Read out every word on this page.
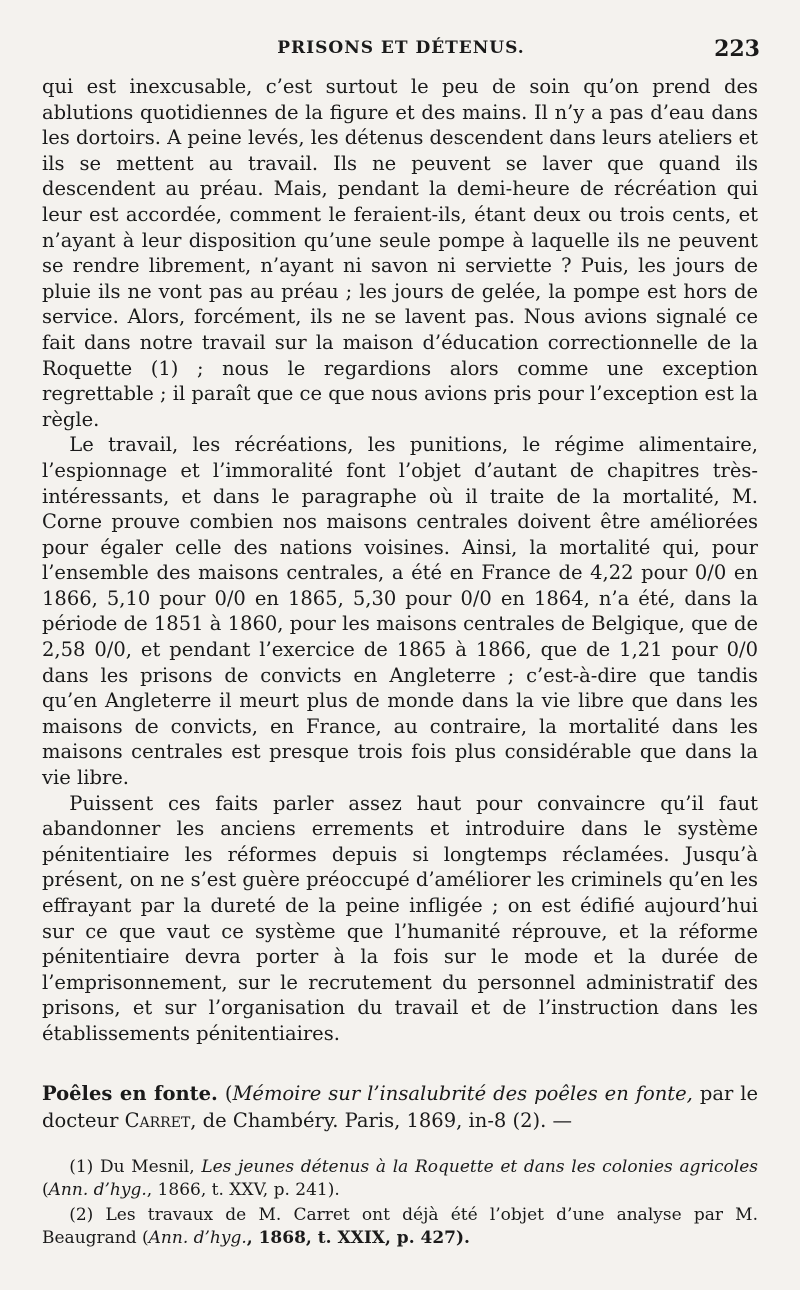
PRISONS ET DÉTENUS.	223

qui est inexcusable, c’est surtout le peu de soin qu’on prend des ablutions quotidiennes de la figure et des mains. Il n’y a pas d’eau dans les dortoirs. A peine levés, les détenus descendent dans leurs ateliers et ils se mettent au travail. Ils ne peuvent se laver que quand ils descendent au préau. Mais, pendant la demi-heure de récréation qui leur est accordée, comment le feraient-ils, étant deux ou trois cents, et n’ayant à leur disposition qu’une seule pompe à laquelle ils ne peuvent se rendre librement, n’ayant ni savon ni serviette ? Puis, les jours de pluie ils ne vont pas au préau ; les jours de gelée, la pompe est hors de service. Alors, forcément, ils ne se lavent pas. Nous avions signalé ce fait dans notre travail sur la maison d’éducation correctionnelle de la Roquette (1) ; nous le regardions alors comme une exception regrettable ; il paraît que ce que nous avions pris pour l’exception est la règle.

Le travail, les récréations, les punitions, le régime alimentaire, l’espionnage et l’immoralité font l’objet d’autant de chapitres très-intéressants, et dans le paragraphe où il traite de la mortalité, M. Corne prouve combien nos maisons centrales doivent être améliorées pour égaler celle des nations voisines. Ainsi, la mortalité qui, pour l’ensemble des maisons centrales, a été en France de 4,22 pour 0/0 en 1866, 5,10 pour 0/0 en 1865, 5,30 pour 0/0 en 1864, n’a été, dans la période de 1851 à 1860, pour les maisons centrales de Belgique, que de 2,58 0/0, et pendant l’exercice de 1865 à 1866, que de 1,21 pour 0/0 dans les prisons de convicts en Angleterre ; c’est-à-dire que tandis qu’en Angleterre il meurt plus de monde dans la vie libre que dans les maisons de convicts, en France, au contraire, la mortalité dans les maisons centrales est presque trois fois plus considérable que dans la vie libre.

Puissent ces faits parler assez haut pour convaincre qu’il faut abandonner les anciens errements et introduire dans le système pénitentiaire les réformes depuis si longtemps réclamées. Jusqu’à présent, on ne s’est guère préoccupé d’améliorer les criminels qu’en les effrayant par la dureté de la peine infligée ; on est édifié aujourd’hui sur ce que vaut ce système que l’humanité réprouve, et la réforme pénitentiaire devra porter à la fois sur le mode et la durée de l’emprisonnement, sur le recrutement du personnel administratif des prisons, et sur l’organisation du travail et de l’instruction dans les établissements pénitentiaires.

Poêles en fonte. (Mémoire sur l’insalubrité des poêles en fonte, par le docteur Carret, de Chambéry. Paris, 1869, in-8 (2). —

(1) Du Mesnil, Les jeunes détenus à la Roquette et dans les colonies agricoles (Ann. d’hyg., 1866, t. XXV, p. 241).

(2) Les travaux de M. Carret ont déjà été l’objet d’une analyse par M. Beaugrand (Ann. d’hyg., 1868, t. XXIX, p. 427).
